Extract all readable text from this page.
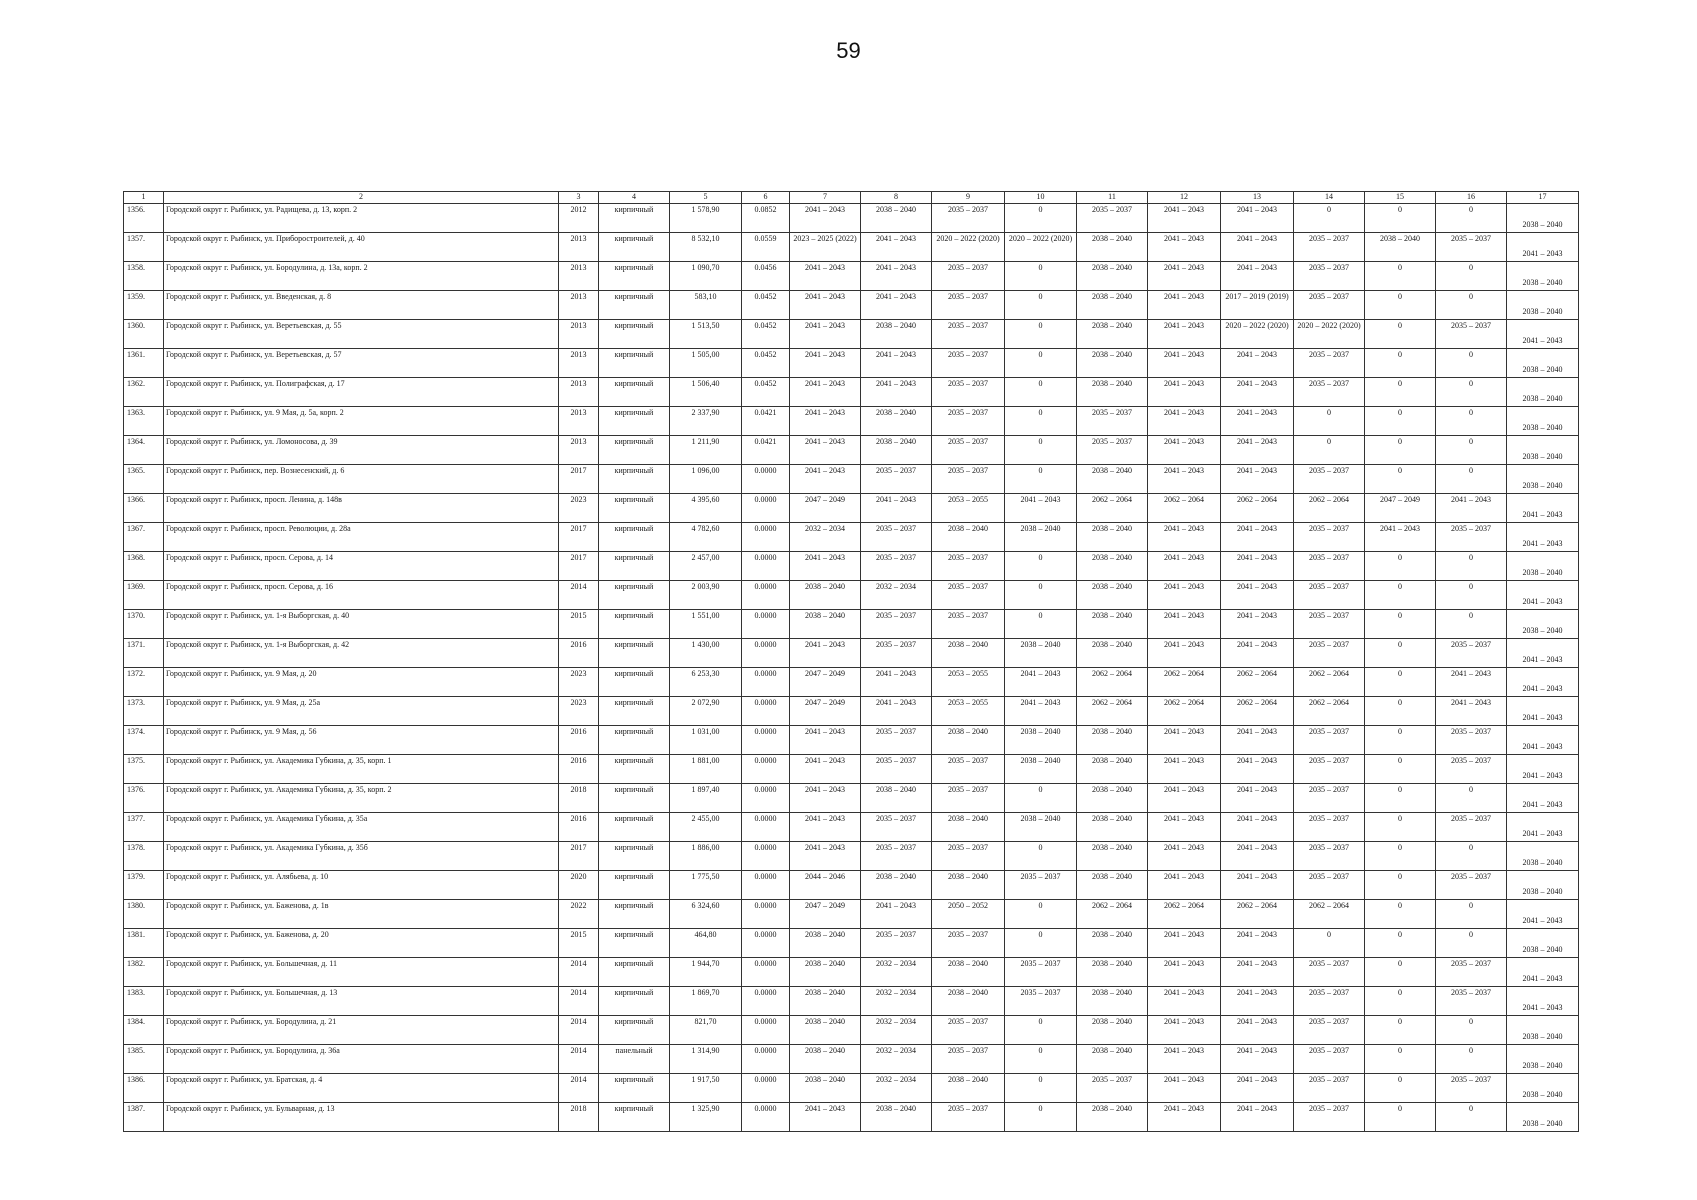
59
1	2	3	4	5	6	7	8	9	10	11	12	13	14	15	16	17
1356.	Городской округ г. Рыбинск, ул. Радищева, д. 13, корп. 2	2012	кирпичный	1 578,90	0.0852	2041 – 2043	2038 – 2040	2035 – 2037	0	2035 – 2037	2041 – 2043	2041 – 2043	0	0	0	2038 – 2040
1357.	Городской округ г. Рыбинск, ул. Приборостроителей, д. 40	2013	кирпичный	8 532,10	0.0559	2023 – 2025 (2022)	2041 – 2043	2020 – 2022 (2020)	2020 – 2022 (2020)	2038 – 2040	2041 – 2043	2041 – 2043	2035 – 2037	2038 – 2040	2035 – 2037	2041 – 2043
1358.	Городской округ г. Рыбинск, ул. Бородулина, д. 13а, корп. 2	2013	кирпичный	1 090,70	0.0456	2041 – 2043	2041 – 2043	2035 – 2037	0	2038 – 2040	2041 – 2043	2041 – 2043	2035 – 2037	0	0	2038 – 2040
1359.	Городской округ г. Рыбинск, ул. Введенская, д. 8	2013	кирпичный	583,10	0.0452	2041 – 2043	2041 – 2043	2035 – 2037	0	2038 – 2040	2041 – 2043	2017 – 2019 (2019)	2035 – 2037	0	0	2038 – 2040
1360.	Городской округ г. Рыбинск, ул. Веретьевская, д. 55	2013	кирпичный	1 513,50	0.0452	2041 – 2043	2038 – 2040	2035 – 2037	0	2038 – 2040	2041 – 2043	2020 – 2022 (2020)	2020 – 2022 (2020)	0	2035 – 2037	2041 – 2043
1361.	Городской округ г. Рыбинск, ул. Веретьевская, д. 57	2013	кирпичный	1 505,00	0.0452	2041 – 2043	2041 – 2043	2035 – 2037	0	2038 – 2040	2041 – 2043	2041 – 2043	2035 – 2037	0	0	2038 – 2040
1362.	Городской округ г. Рыбинск, ул. Полиграфская, д. 17	2013	кирпичный	1 506,40	0.0452	2041 – 2043	2041 – 2043	2035 – 2037	0	2038 – 2040	2041 – 2043	2041 – 2043	2035 – 2037	0	0	2038 – 2040
1363.	Городской округ г. Рыбинск, ул. 9 Мая, д. 5а, корп. 2	2013	кирпичный	2 337,90	0.0421	2041 – 2043	2038 – 2040	2035 – 2037	0	2035 – 2037	2041 – 2043	2041 – 2043	0	0	0	2038 – 2040
1364.	Городской округ г. Рыбинск, ул. Ломоносова, д. 39	2013	кирпичный	1 211,90	0.0421	2041 – 2043	2038 – 2040	2035 – 2037	0	2035 – 2037	2041 – 2043	2041 – 2043	0	0	0	2038 – 2040
1365.	Городской округ г. Рыбинск, пер. Вознесенский, д. 6	2017	кирпичный	1 096,00	0.0000	2041 – 2043	2035 – 2037	2035 – 2037	0	2038 – 2040	2041 – 2043	2041 – 2043	2035 – 2037	0	0	2038 – 2040
1366.	Городской округ г. Рыбинск, просп. Ленина, д. 148в	2023	кирпичный	4 395,60	0.0000	2047 – 2049	2041 – 2043	2053 – 2055	2041 – 2043	2062 – 2064	2062 – 2064	2062 – 2064	2062 – 2064	2047 – 2049	2041 – 2043	2041 – 2043
1367.	Городской округ г. Рыбинск, просп. Революции, д. 28а	2017	кирпичный	4 782,60	0.0000	2032 – 2034	2035 – 2037	2038 – 2040	2038 – 2040	2038 – 2040	2041 – 2043	2041 – 2043	2035 – 2037	2041 – 2043	2035 – 2037	2041 – 2043
1368.	Городской округ г. Рыбинск, просп. Серова, д. 14	2017	кирпичный	2 457,00	0.0000	2041 – 2043	2035 – 2037	2035 – 2037	0	2038 – 2040	2041 – 2043	2041 – 2043	2035 – 2037	0	0	2038 – 2040
1369.	Городской округ г. Рыбинск, просп. Серова, д. 16	2014	кирпичный	2 003,90	0.0000	2038 – 2040	2032 – 2034	2035 – 2037	0	2038 – 2040	2041 – 2043	2041 – 2043	2035 – 2037	0	0	2041 – 2043
1370.	Городской округ г. Рыбинск, ул. 1-я Выборгская, д. 40	2015	кирпичный	1 551,00	0.0000	2038 – 2040	2035 – 2037	2035 – 2037	0	2038 – 2040	2041 – 2043	2041 – 2043	2035 – 2037	0	0	2038 – 2040
1371.	Городской округ г. Рыбинск, ул. 1-я Выборгская, д. 42	2016	кирпичный	1 430,00	0.0000	2041 – 2043	2035 – 2037	2038 – 2040	2038 – 2040	2038 – 2040	2041 – 2043	2041 – 2043	2035 – 2037	0	2035 – 2037	2041 – 2043
1372.	Городской округ г. Рыбинск, ул. 9 Мая, д. 20	2023	кирпичный	6 253,30	0.0000	2047 – 2049	2041 – 2043	2053 – 2055	2041 – 2043	2062 – 2064	2062 – 2064	2062 – 2064	2062 – 2064	0	2041 – 2043	2041 – 2043
1373.	Городской округ г. Рыбинск, ул. 9 Мая, д. 25а	2023	кирпичный	2 072,90	0.0000	2047 – 2049	2041 – 2043	2053 – 2055	2041 – 2043	2062 – 2064	2062 – 2064	2062 – 2064	2062 – 2064	0	2041 – 2043	2041 – 2043
1374.	Городской округ г. Рыбинск, ул. 9 Мая, д. 56	2016	кирпичный	1 031,00	0.0000	2041 – 2043	2035 – 2037	2038 – 2040	2038 – 2040	2038 – 2040	2041 – 2043	2041 – 2043	2035 – 2037	0	2035 – 2037	2041 – 2043
1375.	Городской округ г. Рыбинск, ул. Академика Губкина, д. 35, корп. 1	2016	кирпичный	1 881,00	0.0000	2041 – 2043	2035 – 2037	2035 – 2037	2038 – 2040	2038 – 2040	2041 – 2043	2041 – 2043	2035 – 2037	0	2035 – 2037	2041 – 2043
1376.	Городской округ г. Рыбинск, ул. Академика Губкина, д. 35, корп. 2	2018	кирпичный	1 897,40	0.0000	2041 – 2043	2038 – 2040	2035 – 2037	0	2038 – 2040	2041 – 2043	2041 – 2043	2035 – 2037	0	0	2041 – 2043
1377.	Городской округ г. Рыбинск, ул. Академика Губкина, д. 35а	2016	кирпичный	2 455,00	0.0000	2041 – 2043	2035 – 2037	2038 – 2040	2038 – 2040	2038 – 2040	2041 – 2043	2041 – 2043	2035 – 2037	0	2035 – 2037	2041 – 2043
1378.	Городской округ г. Рыбинск, ул. Академика Губкина, д. 35б	2017	кирпичный	1 886,00	0.0000	2041 – 2043	2035 – 2037	2035 – 2037	0	2038 – 2040	2041 – 2043	2041 – 2043	2035 – 2037	0	0	2038 – 2040
1379.	Городской округ г. Рыбинск, ул. Алябьева, д. 10	2020	кирпичный	1 775,50	0.0000	2044 – 2046	2038 – 2040	2038 – 2040	2035 – 2037	2038 – 2040	2041 – 2043	2041 – 2043	2035 – 2037	0	2035 – 2037	2038 – 2040
1380.	Городской округ г. Рыбинск, ул. Баженова, д. 1в	2022	кирпичный	6 324,60	0.0000	2047 – 2049	2041 – 2043	2050 – 2052	0	2062 – 2064	2062 – 2064	2062 – 2064	2062 – 2064	0	0	2041 – 2043
1381.	Городской округ г. Рыбинск, ул. Баженова, д. 20	2015	кирпичный	464,80	0.0000	2038 – 2040	2035 – 2037	2035 – 2037	0	2038 – 2040	2041 – 2043	2041 – 2043	0	0	0	2038 – 2040
1382.	Городской округ г. Рыбинск, ул. Большечная, д. 11	2014	кирпичный	1 944,70	0.0000	2038 – 2040	2032 – 2034	2038 – 2040	2035 – 2037	2038 – 2040	2041 – 2043	2041 – 2043	2035 – 2037	0	2035 – 2037	2041 – 2043
1383.	Городской округ г. Рыбинск, ул. Большечная, д. 13	2014	кирпичный	1 869,70	0.0000	2038 – 2040	2032 – 2034	2038 – 2040	2035 – 2037	2038 – 2040	2041 – 2043	2041 – 2043	2035 – 2037	0	2035 – 2037	2041 – 2043
1384.	Городской округ г. Рыбинск, ул. Бородулина, д. 21	2014	кирпичный	821,70	0.0000	2038 – 2040	2032 – 2034	2035 – 2037	0	2038 – 2040	2041 – 2043	2041 – 2043	2035 – 2037	0	0	2038 – 2040
1385.	Городской округ г. Рыбинск, ул. Бородулина, д. 36а	2014	панельный	1 314,90	0.0000	2038 – 2040	2032 – 2034	2035 – 2037	0	2038 – 2040	2041 – 2043	2041 – 2043	2035 – 2037	0	0	2038 – 2040
1386.	Городской округ г. Рыбинск, ул. Братская, д. 4	2014	кирпичный	1 917,50	0.0000	2038 – 2040	2032 – 2034	2038 – 2040	0	2035 – 2037	2041 – 2043	2041 – 2043	2035 – 2037	0	2035 – 2037	2038 – 2040
1387.	Городской округ г. Рыбинск, ул. Бульварная, д. 13	2018	кирпичный	1 325,90	0.0000	2041 – 2043	2038 – 2040	2035 – 2037	0	2038 – 2040	2041 – 2043	2041 – 2043	2035 – 2037	0	0	2038 – 2040
